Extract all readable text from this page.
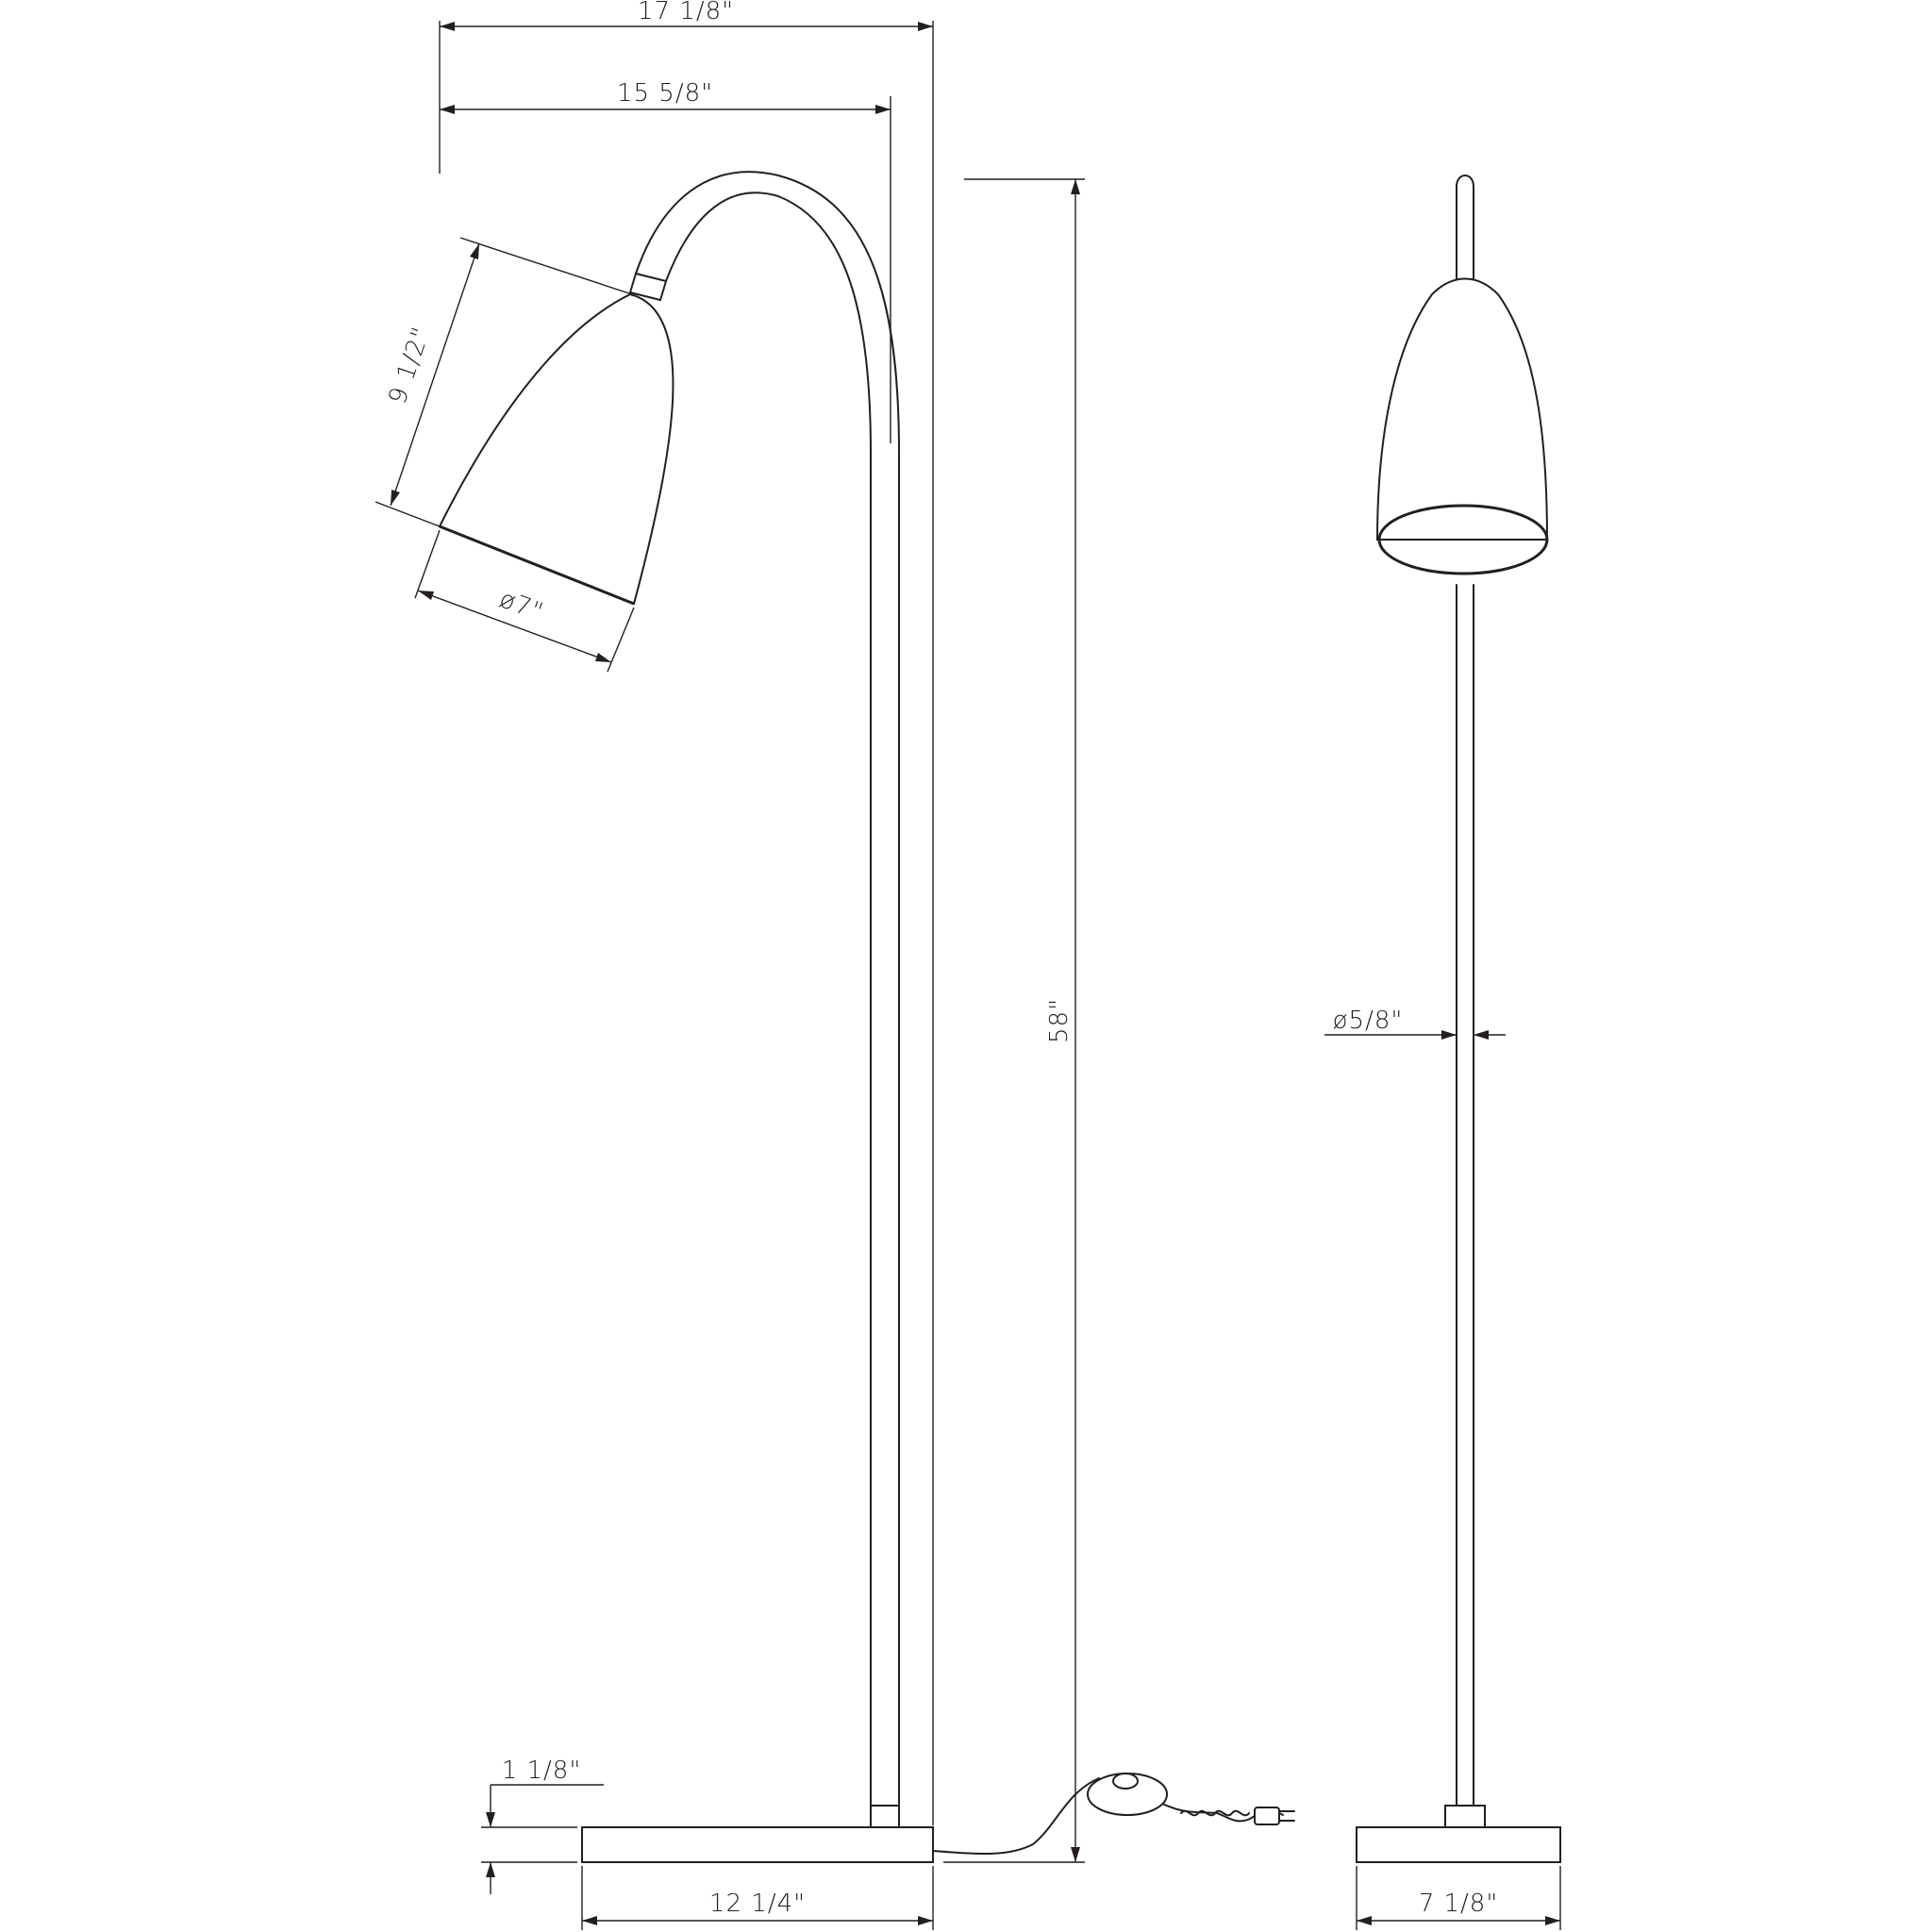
17 1/8"
15 5/8"
9 1/2"
ø7"
58"
1 1/8"
12 1/4"
ø5/8"
7 1/8"
